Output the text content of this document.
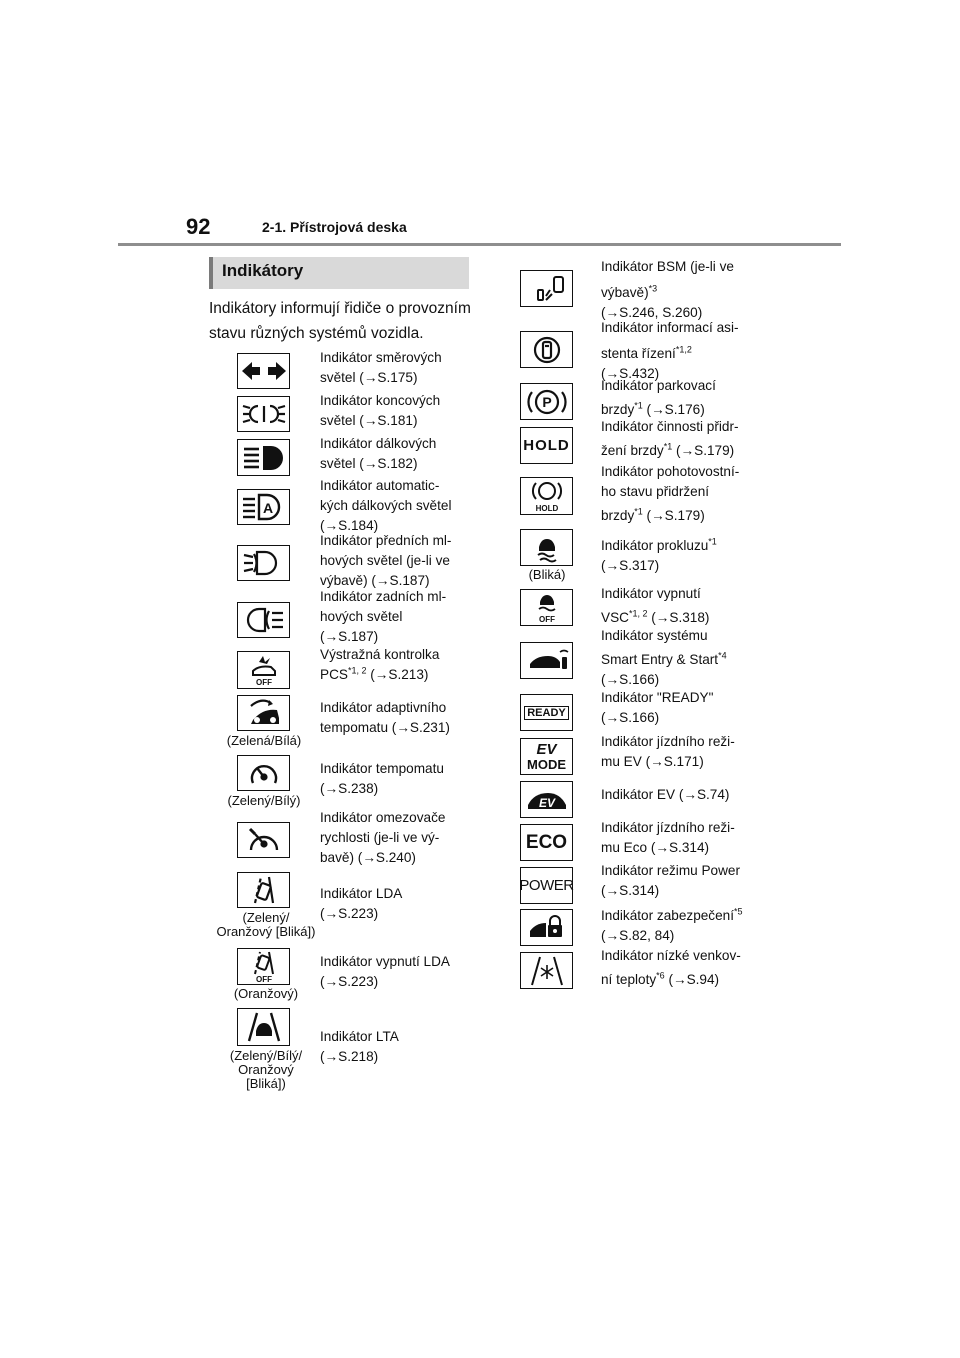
92	2-1. Přístrojová deska
Indikátory
Indikátory informují řidiče o provozním stavu různých systémů vozidla.
Indikátor směrových
světel (→S.175)
Indikátor koncových
světel (→S.181)
Indikátor dálkových
světel (→S.182)
A
Indikátor automatic-
kých dálkových světel
(→S.184)
Indikátor předních ml-
hových světel (je-li ve
výbavě) (→S.187)
Indikátor zadních ml-
hových světel
(→S.187)
OFF
Výstražná kontrolka
PCS$^{*1, 2}$ (→S.213)
(Zelená/Bílá)
Indikátor adaptivního
tempomatu (→S.231)
(Zelený/Bílý)
Indikátor tempomatu
(→S.238)
Indikátor omezovače
rychlosti (je-li ve vý-
bavě) (→S.240)
(Zelený/
Oranžový [Bliká])
Indikátor LDA
(→S.223)
OFF
(Oranžový)
Indikátor vypnutí LDA
(→S.223)
(Zelený/Bílý/
Oranžový
[Bliká])
Indikátor LTA
(→S.218)
Indikátor BSM (je-li ve
výbavě)$^{*3}$
(→S.246, S.260)
Indikátor informací asi-
stenta řízení$^{*1,2}$
(→S.432)
P
Indikátor parkovací
brzdy$^{*1}$ (→S.176)
HOLD
Indikátor činnosti přidr-
žení brzdy$^{*1}$ (→S.179)
HOLD
Indikátor pohotovostní-
ho stavu přidržení
brzdy$^{*1}$ (→S.179)
(Bliká)
Indikátor prokluzu$^{*1}$
(→S.317)
OFF
Indikátor vypnutí
VSC$^{*1, 2}$ (→S.318)
Indikátor systému
Smart Entry & Start$^{*4}$
(→S.166)
READY
Indikátor "READY"
(→S.166)
EV
MODE
Indikátor jízdního reži-
mu EV (→S.171)
EV
Indikátor EV (→S.74)
ECO
Indikátor jízdního reži-
mu Eco (→S.314)
POWER
Indikátor režimu Power
(→S.314)
Indikátor zabezpečení$^{*5}$
(→S.82, 84)
Indikátor nízké venkov-
ní teploty$^{*6}$ (→S.94)
